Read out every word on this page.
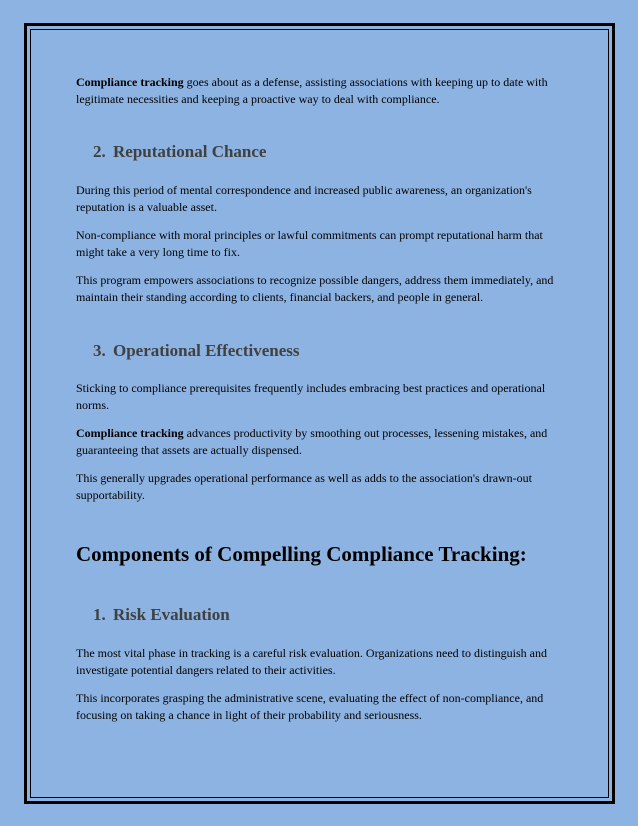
Compliance tracking goes about as a defense, assisting associations with keeping up to date with legitimate necessities and keeping a proactive way to deal with compliance.

2. Reputational Chance

During this period of mental correspondence and increased public awareness, an organization's reputation is a valuable asset.

Non-compliance with moral principles or lawful commitments can prompt reputational harm that might take a very long time to fix.

This program empowers associations to recognize possible dangers, address them immediately, and maintain their standing according to clients, financial backers, and people in general.

3. Operational Effectiveness

Sticking to compliance prerequisites frequently includes embracing best practices and operational norms.

Compliance tracking advances productivity by smoothing out processes, lessening mistakes, and guaranteeing that assets are actually dispensed.

This generally upgrades operational performance as well as adds to the association's drawn-out supportability.

Components of Compelling Compliance Tracking:
1. Risk Evaluation

The most vital phase in tracking is a careful risk evaluation. Organizations need to distinguish and investigate potential dangers related to their activities.

This incorporates grasping the administrative scene, evaluating the effect of non-compliance, and focusing on taking a chance in light of their probability and seriousness.
